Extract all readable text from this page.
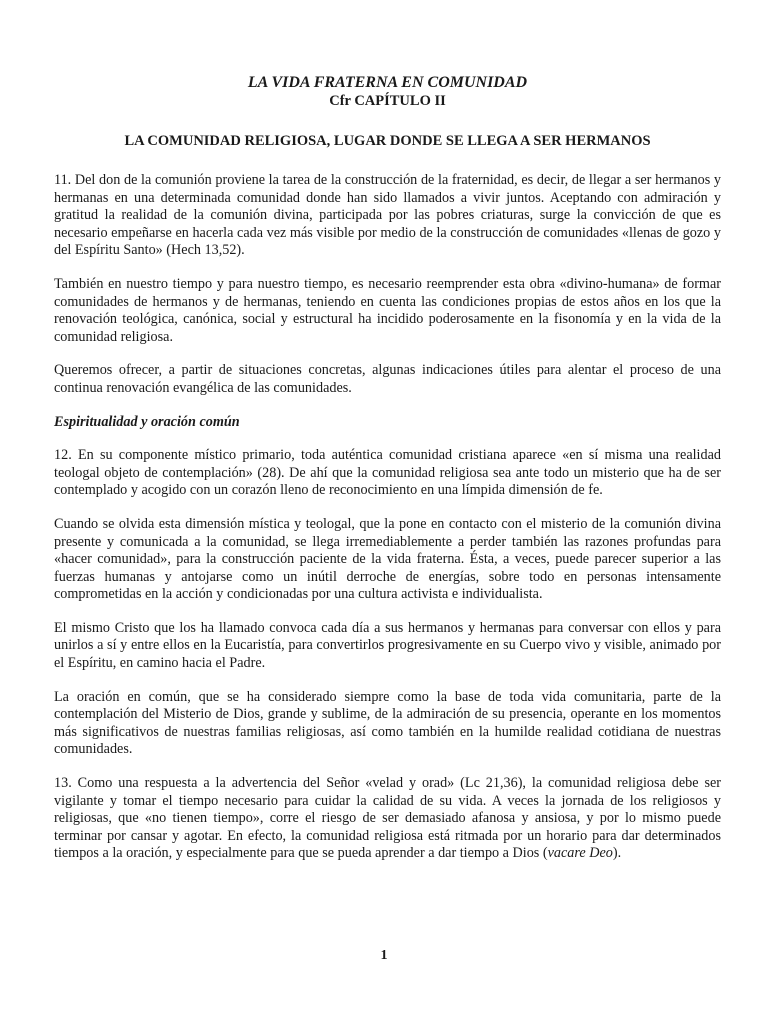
LA VIDA FRATERNA EN COMUNIDAD
Cfr CAPÍTULO II
LA COMUNIDAD RELIGIOSA, LUGAR DONDE SE LLEGA A SER HERMANOS

11. Del don de la comunión proviene la tarea de la construcción de la fraternidad, es decir, de llegar a ser hermanos y hermanas en una determinada comunidad donde han sido llamados a vivir juntos. Aceptando con admiración y gratitud la realidad de la comunión divina, participada por las pobres criaturas, surge la convicción de que es necesario empeñarse en hacerla cada vez más visible por medio de la construcción de comunidades «llenas de gozo y del Espíritu Santo» (Hech 13,52).

También en nuestro tiempo y para nuestro tiempo, es necesario reemprender esta obra «divino-humana» de formar comunidades de hermanos y de hermanas, teniendo en cuenta las condiciones propias de estos años en los que la renovación teológica, canónica, social y estructural ha incidido poderosamente en la fisonomía y en la vida de la comunidad religiosa.

Queremos ofrecer, a partir de situaciones concretas, algunas indicaciones útiles para alentar el proceso de una continua renovación evangélica de las comunidades.

Espiritualidad y oración común

12. En su componente místico primario, toda auténtica comunidad cristiana aparece «en sí misma una realidad teologal objeto de contemplación» (28). De ahí que la comunidad religiosa sea ante todo un misterio que ha de ser contemplado y acogido con un corazón lleno de reconocimiento en una límpida dimensión de fe.

Cuando se olvida esta dimensión mística y teologal, que la pone en contacto con el misterio de la comunión divina presente y comunicada a la comunidad, se llega irremediablemente a perder también las razones profundas para «hacer comunidad», para la construcción paciente de la vida fraterna. Ésta, a veces, puede parecer superior a las fuerzas humanas y antojarse como un inútil derroche de energías, sobre todo en personas intensamente comprometidas en la acción y condicionadas por una cultura activista e individualista.

El mismo Cristo que los ha llamado convoca cada día a sus hermanos y hermanas para conversar con ellos y para unirlos a sí y entre ellos en la Eucaristía, para convertirlos progresivamente en su Cuerpo vivo y visible, animado por el Espíritu, en camino hacia el Padre.

La oración en común, que se ha considerado siempre como la base de toda vida comunitaria, parte de la contemplación del Misterio de Dios, grande y sublime, de la admiración de su presencia, operante en los momentos más significativos de nuestras familias religiosas, así como también en la humilde realidad cotidiana de nuestras comunidades.

13. Como una respuesta a la advertencia del Señor «velad y orad» (Lc 21,36), la comunidad religiosa debe ser vigilante y tomar el tiempo necesario para cuidar la calidad de su vida. A veces la jornada de los religiosos y religiosas, que «no tienen tiempo», corre el riesgo de ser demasiado afanosa y ansiosa, y por lo mismo puede terminar por cansar y agotar. En efecto, la comunidad religiosa está ritmada por un horario para dar determinados tiempos a la oración, y especialmente para que se pueda aprender a dar tiempo a Dios (vacare Deo).

1
